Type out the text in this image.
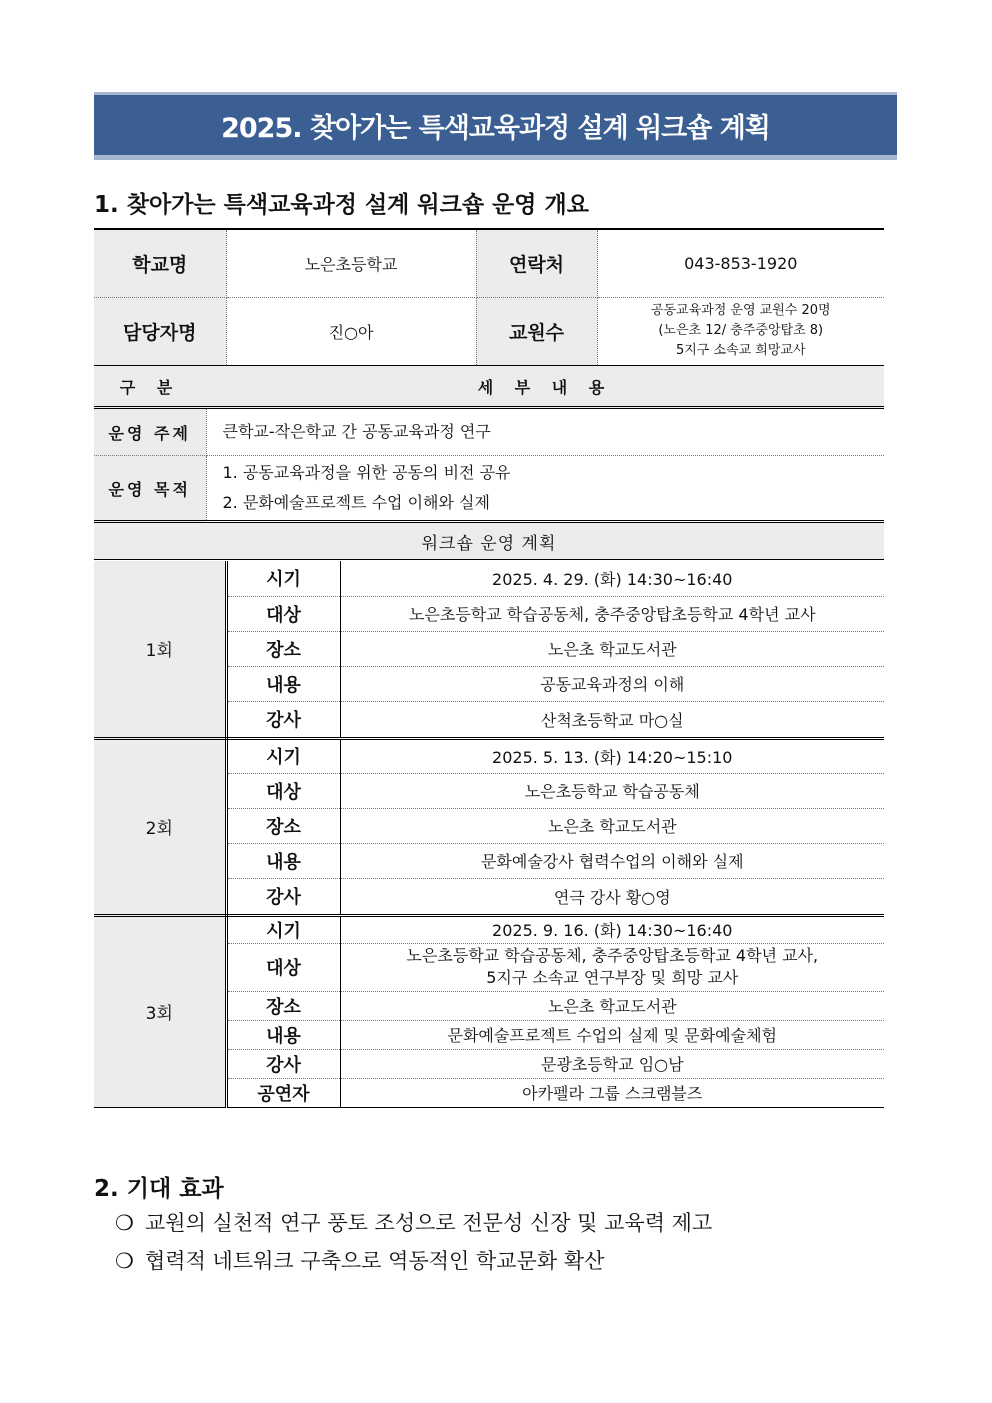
2025. 찾아가는 특색교육과정 설계 워크숍 계획
1. 찾아가는 특색교육과정 설계 워크숍 운영 개요
학교명	노은초등학교	연락처	043-853-1920
담당자명	진○아	교원수	공동교육과정 운영 교원수 20명
(노은초 12/ 충주중앙탑초 8)
5지구 소속교 희망교사
구 분	세 부 내 용
운영 주제	큰학교-작은학교 간 공동교육과정 연구
운영 목적	1. 공동교육과정을 위한 공동의 비전 공유
2. 문화예술프로젝트 수업 이해와 실제

워크숍 운영 계획	
1회	시기	2025. 4. 29. (화) 14:30~16:40
	대상	노은초등학교 학습공동체, 충주중앙탑초등학교 4학년 교사
	장소	노은초 학교도서관
	내용	공동교육과정의 이해
	강사	산척초등학교 마○실
2회	시기	2025. 5. 13. (화) 14:20~15:10
	대상	노은초등학교 학습공동체
	장소	노은초 학교도서관
	내용	문화예술강사 협력수업의 이해와 실제
	강사	연극 강사 황○영
3회	시기	2025. 9. 16. (화) 14:30~16:40
	대상	노은초등학교 학습공동체, 충주중앙탑초등학교 4학년 교사,
5지구 소속교 연구부장 및 희망 교사

	장소	노은초 학교도서관
	내용	문화예술프로젝트 수업의 실제 및 문화예술체험
	강사	문광초등학교 임○남
	공연자	아카펠라 그룹 스크램블즈
2. 기대 효과
❍ 교원의 실천적 연구 풍토 조성으로 전문성 신장 및 교육력 제고
❍ 협력적 네트워크 구축으로 역동적인 학교문화 확산
